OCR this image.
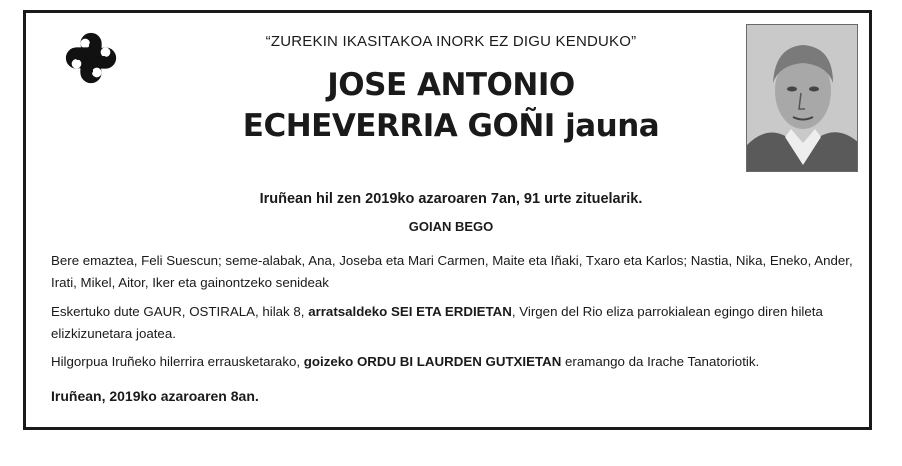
“ZUREKIN IKASITAKOA INORK EZ DIGU KENDUKO”
JOSE ANTONIO
ECHEVERRIA GOÑI jauna
Iruñean hil zen 2019ko azaroaren 7an, 91 urte zituelarik.
GOIAN BEGO
Bere emaztea, Feli Suescun; seme-alabak, Ana, Joseba eta Mari Carmen, Maite eta Iñaki, Txaro eta Karlos; Nastia, Nika, Eneko, Ander, Irati, Mikel, Aitor, Iker eta gainontzeko senideak
Eskertuko dute GAUR, OSTIRALA, hilak 8, arratsaldeko SEI ETA ERDIETAN, Virgen del Rio eliza parrokialean egingo diren hileta elizkizunetara joatea.
Hilgorpua Iruñeko hilerrira errausketarako, goizeko ORDU BI LAURDEN GUTXIETAN eramango da Irache Tanatoriotik.
Iruñean, 2019ko azaroaren 8an.
